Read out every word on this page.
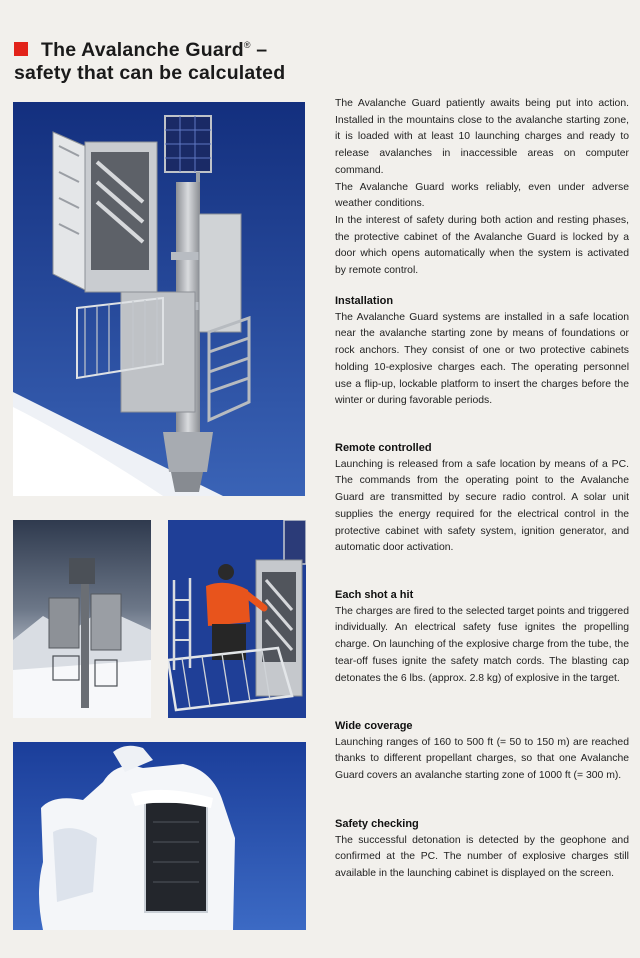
The Avalanche Guard® –
safety that can be calculated

The Avalanche Guard patiently awaits being put into action. Installed in the mountains close to the avalanche starting zone, it is loaded with at least 10 launching charges and ready to release avalanches in inaccessible areas on computer command.

The Avalanche Guard works reliably, even under adverse weather conditions.

In the interest of safety during both action and resting phases, the protective cabinet of the Avalanche Guard is locked by a door which opens automatically when the system is activated by remote control.

Installation

The Avalanche Guard systems are installed in a safe location near the avalanche starting zone by means of foundations or rock anchors. They consist of one or two protective cabinets holding 10-explosive charges each. The operating personnel use a flip-up, lockable platform to insert the charges before the winter or during favorable periods.

Remote controlled

Launching is released from a safe location by means of a PC. The commands from the operating point to the Avalanche Guard are transmitted by secure radio control. A solar unit supplies the energy required for the electrical control in the protective cabinet with safety system, ignition generator, and automatic door activation.

Each shot a hit

The charges are fired to the selected target points and triggered individually. An electrical safety fuse ignites the propelling charge. On launching of the explosive charge from the tube, the tear-off fuses ignite the safety match cords. The blasting cap detonates the 6 lbs. (approx. 2.8 kg) of explosive in the target.

Wide coverage

Launching ranges of 160 to 500 ft (= 50 to 150 m) are reached thanks to different propellant charges, so that one Avalanche Guard covers an avalanche starting zone of 1000 ft (= 300 m).

Safety checking

The successful detonation is detected by the geophone and confirmed at the PC. The number of explosive charges still available in the launching cabinet is displayed on the screen.
